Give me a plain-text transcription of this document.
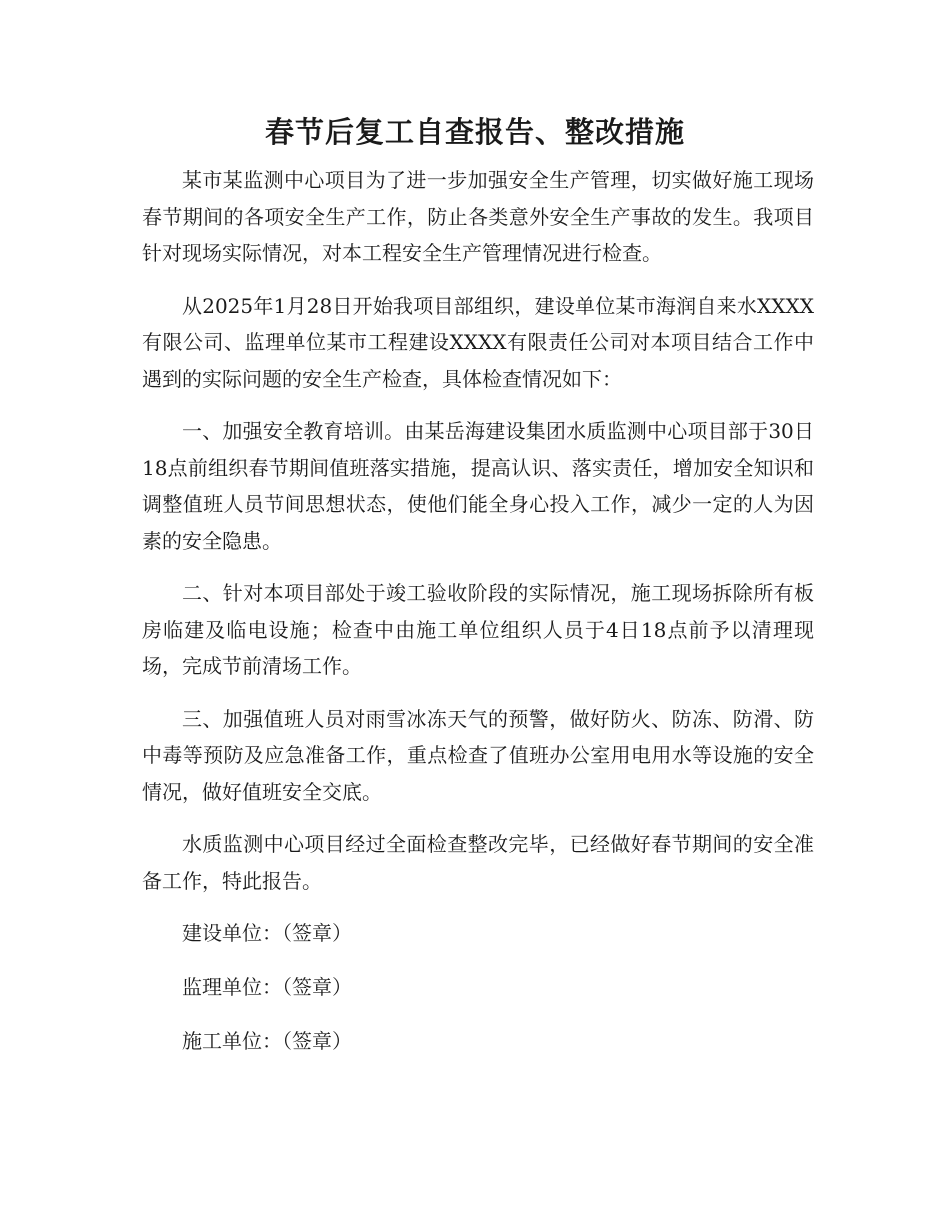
春节后复工自查报告、整改措施

某市某监测中心项目为了进一步加强安全生产管理，切实做好施工现场春节期间的各项安全生产工作，防止各类意外安全生产事故的发生。我项目针对现场实际情况，对本工程安全生产管理情况进行检查。

从2025年1月28日开始我项目部组织，建设单位某市海润自来水XXXX有限公司、监理单位某市工程建设XXXX有限责任公司对本项目结合工作中遇到的实际问题的安全生产检查，具体检查情况如下：

一、加强安全教育培训。由某岳海建设集团水质监测中心项目部于30日18点前组织春节期间值班落实措施，提高认识、落实责任，增加安全知识和调整值班人员节间思想状态，使他们能全身心投入工作，减少一定的人为因素的安全隐患。

二、针对本项目部处于竣工验收阶段的实际情况，施工现场拆除所有板房临建及临电设施；检查中由施工单位组织人员于4日18点前予以清理现场，完成节前清场工作。

三、加强值班人员对雨雪冰冻天气的预警，做好防火、防冻、防滑、防中毒等预防及应急准备工作，重点检查了值班办公室用电用水等设施的安全情况，做好值班安全交底。

水质监测中心项目经过全面检查整改完毕，已经做好春节期间的安全准备工作，特此报告。

建设单位：（签章）

监理单位：（签章）

施工单位：（签章）
